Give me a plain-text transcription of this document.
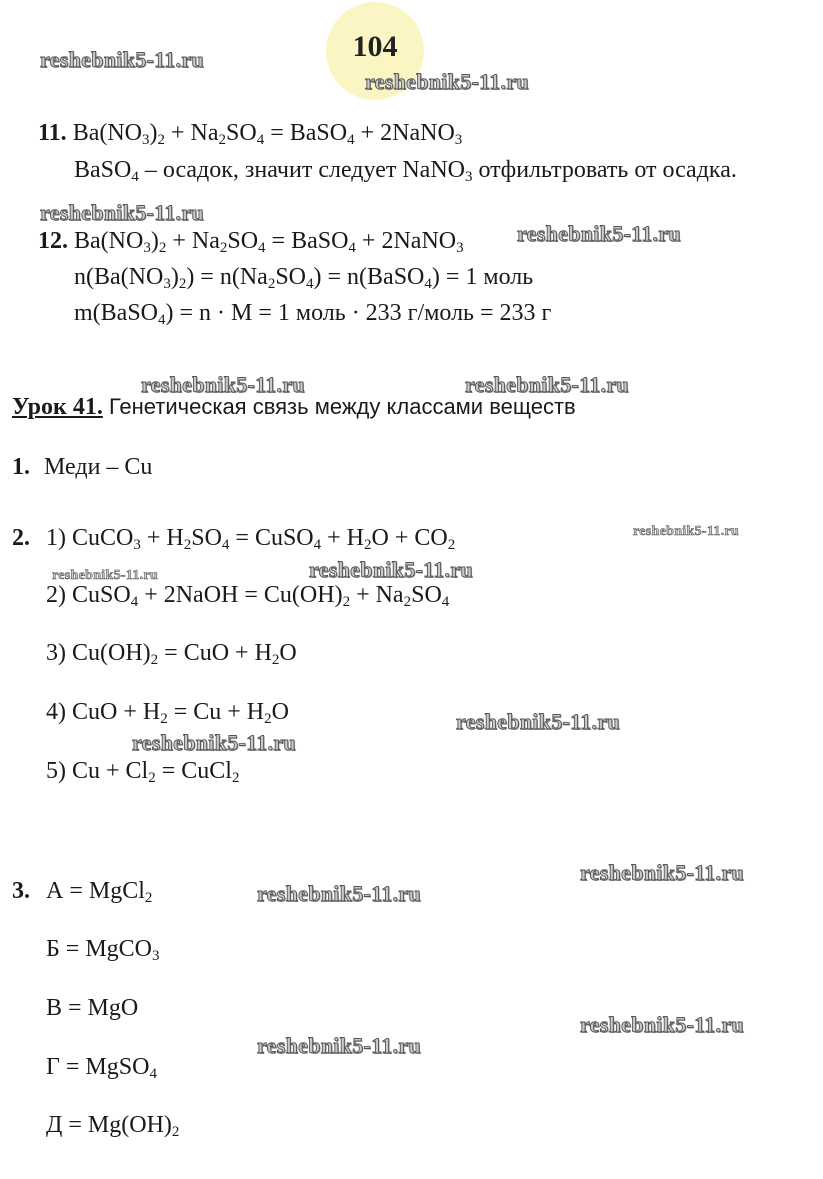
104
reshebnik5-11.ru
reshebnik5-11.ru
reshebnik5-11.ru
reshebnik5-11.ru
reshebnik5-11.ru	reshebnik5-11.ru
reshebnik5-11.ru
reshebnik5-11.ru	reshebnik5-11.ru
reshebnik5-11.ru
reshebnik5-11.ru
reshebnik5-11.ru
reshebnik5-11.ru
reshebnik5-11.ru
reshebnik5-11.ru
11. $Ba(NO_3)_2 + Na_2SO_4$ = BaSO$_4$ + 2NaNO$_3$
BaSO$_4$ – осадок, значит следует NaNO$_3$ отфильтровать от осадка.
12. $Ba(NO_3)_2 + Na_2SO_4$ = BaSO$_4$ + 2NaNO$_3$
$n(Ba(NO_3)_2) = n(Na_2SO_4)$ = n(BaSO$_4$) = 1 моль
m(BaSO$_4$) = n · M = 1 моль · 233 г/моль = 233 г
Урок 41. Генетическая связь между классами веществ
1. Меди – Cu
2. 1) CuCO$_3$ + $H_2SO_4$ = CuSO$_4$ + $H_2O + CO_2$
2) CuSO$_4$ + 2NaOH = $Cu(OH)_2 + Na_2SO_4$
3) $Cu(OH)_2$ = CuO + $H_2O$
4) CuO + $H_2 = Cu + H_2O$
5) $Cu + Cl_2$ = CuCl$_2$
3. А = MgCl$_2$
Б = MgCO$_3$
В = MgO
Г = MgSO$_4$
$Д = Mg(OH)_2$
